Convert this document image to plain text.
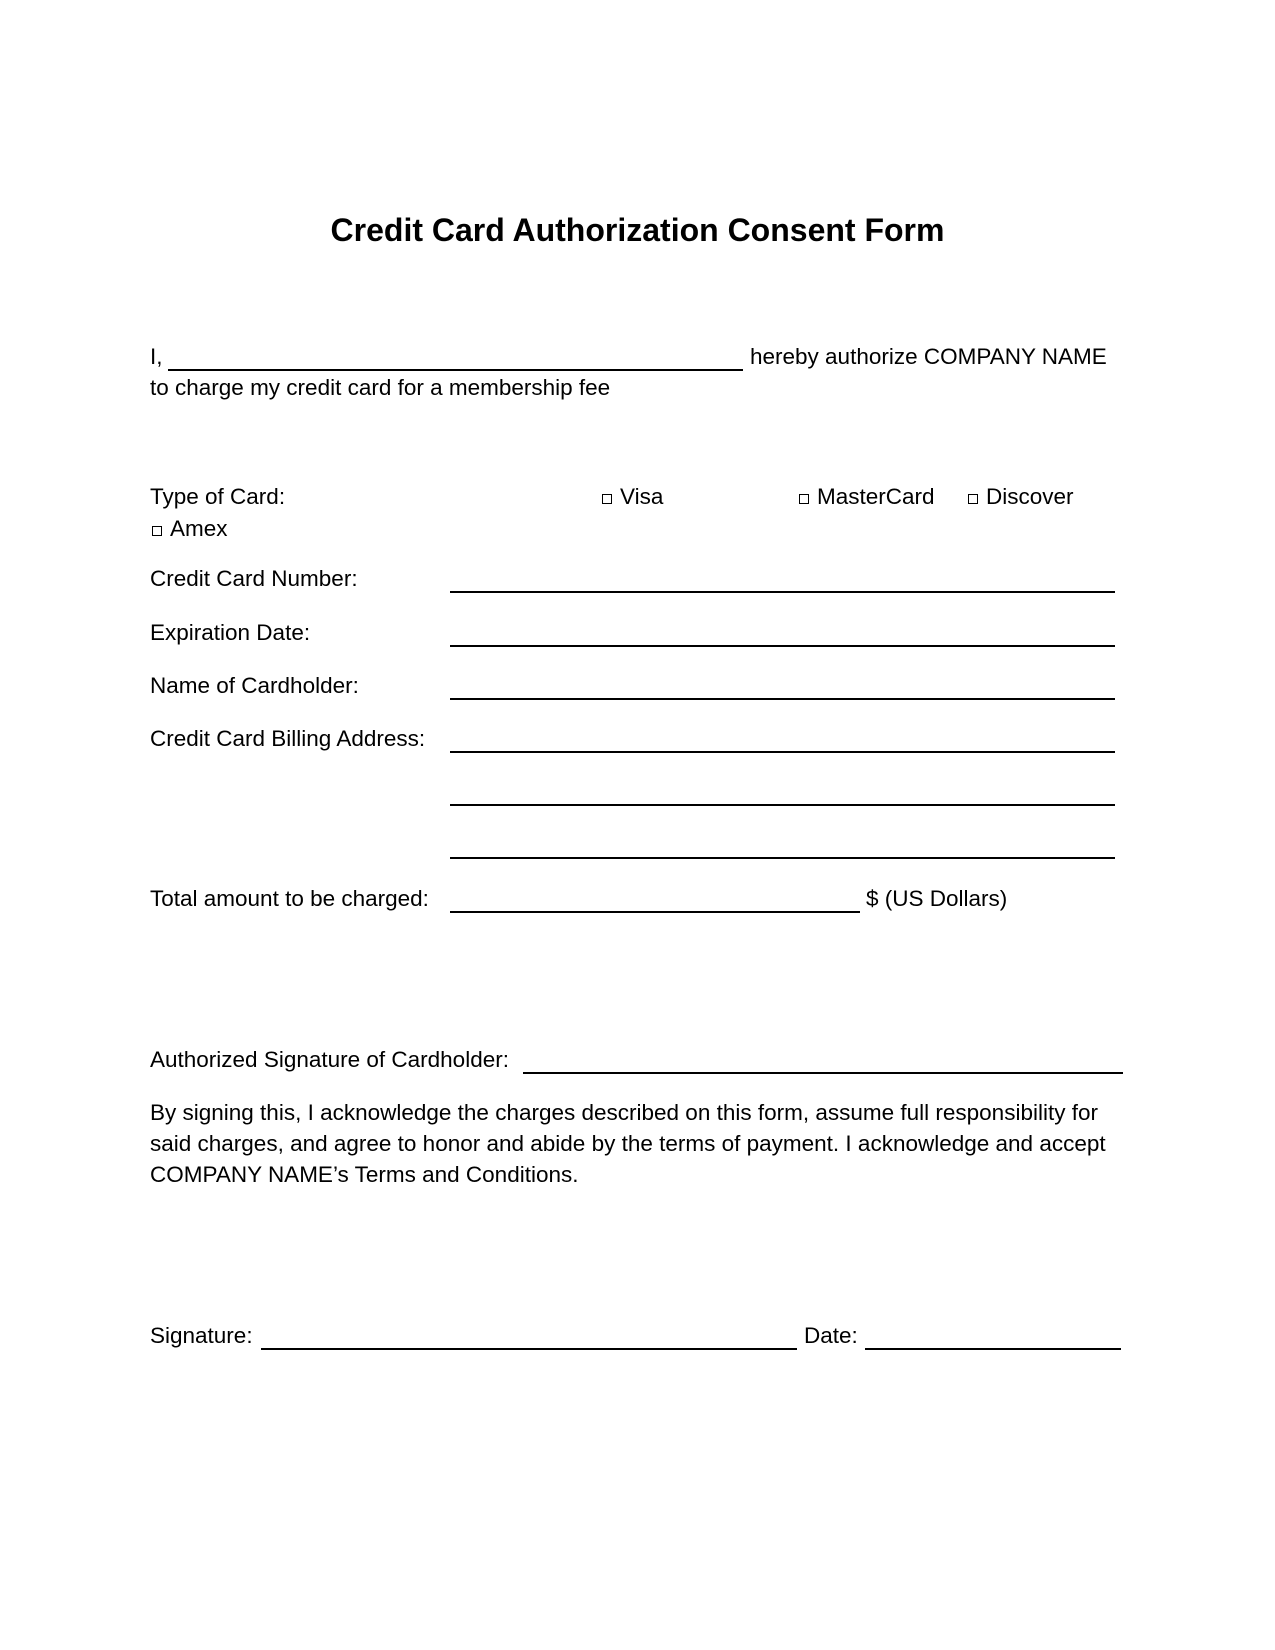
Credit Card Authorization Consent Form
I,	hereby authorize COMPANY NAME
to charge my credit card for a membership fee
Type of Card:	Visa	MasterCard Discover
Amex
Credit Card Number:
Expiration Date:
Name of Cardholder:
Credit Card Billing Address:
Total amount to be charged:	$ (US Dollars)
Authorized Signature of Cardholder:
By signing this, I acknowledge the charges described on this form, assume full responsibility for said charges, and agree to honor and abide by the terms of payment. I acknowledge and accept COMPANY NAME’s Terms and Conditions.
Signature:	Date:
